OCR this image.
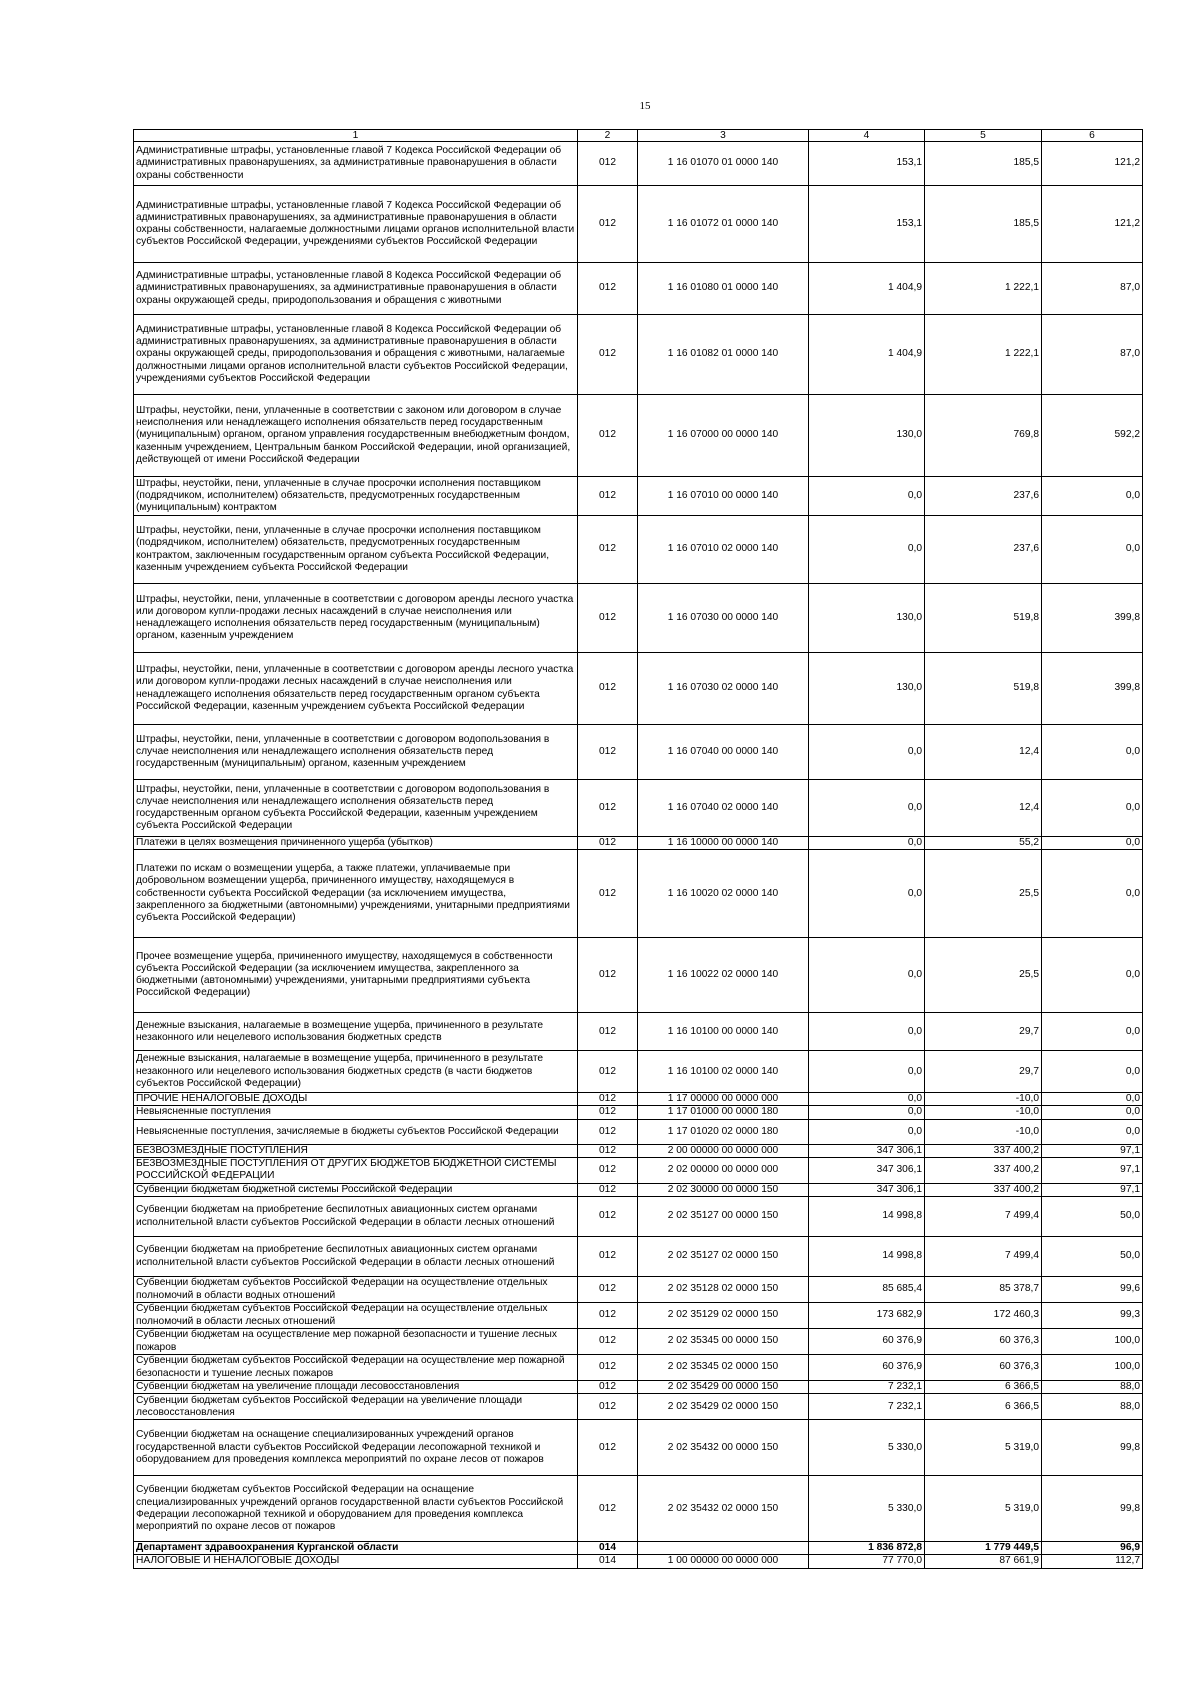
15
1	2	3	4	5	6
Административные штрафы, установленные главой 7 Кодекса Российской Федерации об административных правонарушениях, за административные правонарушения в области охраны собственности	012	1 16 01070 01 0000 140	153,1	185,5	121,2
Административные штрафы, установленные главой 7 Кодекса Российской Федерации об административных правонарушениях, за административные правонарушения в области охраны собственности, налагаемые должностными лицами органов исполнительной власти субъектов Российской Федерации, учреждениями субъектов Российской Федерации	012	1 16 01072 01 0000 140	153,1	185,5	121,2
Административные штрафы, установленные главой 8 Кодекса Российской Федерации об административных правонарушениях, за административные правонарушения в области охраны окружающей среды, природопользования и обращения с животными	012	1 16 01080 01 0000 140	1 404,9	1 222,1	87,0
Административные штрафы, установленные главой 8 Кодекса Российской Федерации об административных правонарушениях, за административные правонарушения в области охраны окружающей среды, природопользования и обращения с животными, налагаемые должностными лицами органов исполнительной власти субъектов Российской Федерации, учреждениями субъектов Российской Федерации	012	1 16 01082 01 0000 140	1 404,9	1 222,1	87,0
Штрафы, неустойки, пени, уплаченные в соответствии с законом или договором в случае неисполнения или ненадлежащего исполнения обязательств перед государственным (муниципальным) органом, органом управления государственным внебюджетным фондом, казенным учреждением, Центральным банком Российской Федерации, иной организацией, действующей от имени Российской Федерации	012	1 16 07000 00 0000 140	130,0	769,8	592,2
Штрафы, неустойки, пени, уплаченные в случае просрочки исполнения поставщиком (подрядчиком, исполнителем) обязательств, предусмотренных государственным (муниципальным) контрактом	012	1 16 07010 00 0000 140	0,0	237,6	0,0
Штрафы, неустойки, пени, уплаченные в случае просрочки исполнения поставщиком (подрядчиком, исполнителем) обязательств, предусмотренных государственным контрактом, заключенным государственным органом субъекта Российской Федерации, казенным учреждением субъекта Российской Федерации	012	1 16 07010 02 0000 140	0,0	237,6	0,0
Штрафы, неустойки, пени, уплаченные в соответствии с договором аренды лесного участка или договором купли-продажи лесных насаждений в случае неисполнения или ненадлежащего исполнения обязательств перед государственным (муниципальным) органом, казенным учреждением	012	1 16 07030 00 0000 140	130,0	519,8	399,8
Штрафы, неустойки, пени, уплаченные в соответствии с договором аренды лесного участка или договором купли-продажи лесных насаждений в случае неисполнения или ненадлежащего исполнения обязательств перед государственным органом субъекта Российской Федерации, казенным учреждением субъекта Российской Федерации	012	1 16 07030 02 0000 140	130,0	519,8	399,8
Штрафы, неустойки, пени, уплаченные в соответствии с договором водопользования в случае неисполнения или ненадлежащего исполнения обязательств перед государственным (муниципальным) органом, казенным учреждением	012	1 16 07040 00 0000 140	0,0	12,4	0,0
Штрафы, неустойки, пени, уплаченные в соответствии с договором водопользования в случае неисполнения или ненадлежащего исполнения обязательств перед государственным органом субъекта Российской Федерации, казенным учреждением субъекта Российской Федерации	012	1 16 07040 02 0000 140	0,0	12,4	0,0
Платежи в целях возмещения причиненного ущерба (убытков)	012	1 16 10000 00 0000 140	0,0	55,2	0,0
Платежи по искам о возмещении ущерба, а также платежи, уплачиваемые при добровольном возмещении ущерба, причиненного имуществу, находящемуся в собственности субъекта Российской Федерации (за исключением имущества, закрепленного за бюджетными (автономными) учреждениями, унитарными предприятиями субъекта Российской Федерации)	012	1 16 10020 02 0000 140	0,0	25,5	0,0
Прочее возмещение ущерба, причиненного имуществу, находящемуся в собственности субъекта Российской Федерации (за исключением имущества, закрепленного за бюджетными (автономными) учреждениями, унитарными предприятиями субъекта Российской Федерации)	012	1 16 10022 02 0000 140	0,0	25,5	0,0
Денежные взыскания, налагаемые в возмещение ущерба, причиненного в результате незаконного или нецелевого использования бюджетных средств	012	1 16 10100 00 0000 140	0,0	29,7	0,0
Денежные взыскания, налагаемые в возмещение ущерба, причиненного в результате незаконного или нецелевого использования бюджетных средств (в части бюджетов субъектов Российской Федерации)	012	1 16 10100 02 0000 140	0,0	29,7	0,0
ПРОЧИЕ НЕНАЛОГОВЫЕ ДОХОДЫ	012	1 17 00000 00 0000 000	0,0	-10,0	0,0
Невыясненные поступления	012	1 17 01000 00 0000 180	0,0	-10,0	0,0
Невыясненные поступления, зачисляемые в бюджеты субъектов Российской Федерации	012	1 17 01020 02 0000 180	0,0	-10,0	0,0
БЕЗВОЗМЕЗДНЫЕ ПОСТУПЛЕНИЯ	012	2 00 00000 00 0000 000	347 306,1	337 400,2	97,1
БЕЗВОЗМЕЗДНЫЕ ПОСТУПЛЕНИЯ ОТ ДРУГИХ БЮДЖЕТОВ БЮДЖЕТНОЙ СИСТЕМЫ РОССИЙСКОЙ ФЕДЕРАЦИИ	012	2 02 00000 00 0000 000	347 306,1	337 400,2	97,1
Субвенции бюджетам бюджетной системы Российской Федерации	012	2 02 30000 00 0000 150	347 306,1	337 400,2	97,1
Субвенции бюджетам на приобретение беспилотных авиационных систем органами исполнительной власти субъектов Российской Федерации в области лесных отношений	012	2 02 35127 00 0000 150	14 998,8	7 499,4	50,0
Субвенции бюджетам на приобретение беспилотных авиационных систем органами исполнительной власти субъектов Российской Федерации в области лесных отношений	012	2 02 35127 02 0000 150	14 998,8	7 499,4	50,0
Субвенции бюджетам субъектов Российской Федерации на осуществление отдельных полномочий в области водных отношений	012	2 02 35128 02 0000 150	85 685,4	85 378,7	99,6
Субвенции бюджетам субъектов Российской Федерации на осуществление отдельных полномочий в области лесных отношений	012	2 02 35129 02 0000 150	173 682,9	172 460,3	99,3
Субвенции бюджетам на осуществление мер пожарной безопасности и тушение лесных пожаров	012	2 02 35345 00 0000 150	60 376,9	60 376,3	100,0
Субвенции бюджетам субъектов Российской Федерации на осуществление мер пожарной безопасности и тушение лесных пожаров	012	2 02 35345 02 0000 150	60 376,9	60 376,3	100,0
Субвенции бюджетам на увеличение площади лесовосстановления	012	2 02 35429 00 0000 150	7 232,1	6 366,5	88,0
Субвенции бюджетам субъектов Российской Федерации на увеличение площади лесовосстановления	012	2 02 35429 02 0000 150	7 232,1	6 366,5	88,0
Субвенции бюджетам на оснащение специализированных учреждений органов государственной власти субъектов Российской Федерации лесопожарной техникой и оборудованием для проведения комплекса мероприятий по охране лесов от пожаров	012	2 02 35432 00 0000 150	5 330,0	5 319,0	99,8
Субвенции бюджетам субъектов Российской Федерации на оснащение специализированных учреждений органов государственной власти субъектов Российской Федерации лесопожарной техникой и оборудованием для проведения комплекса мероприятий по охране лесов от пожаров	012	2 02 35432 02 0000 150	5 330,0	5 319,0	99,8
Департамент здравоохранения Курганской области	014		1 836 872,8	1 779 449,5	96,9
НАЛОГОВЫЕ И НЕНАЛОГОВЫЕ ДОХОДЫ	014	1 00 00000 00 0000 000	77 770,0	87 661,9	112,7
